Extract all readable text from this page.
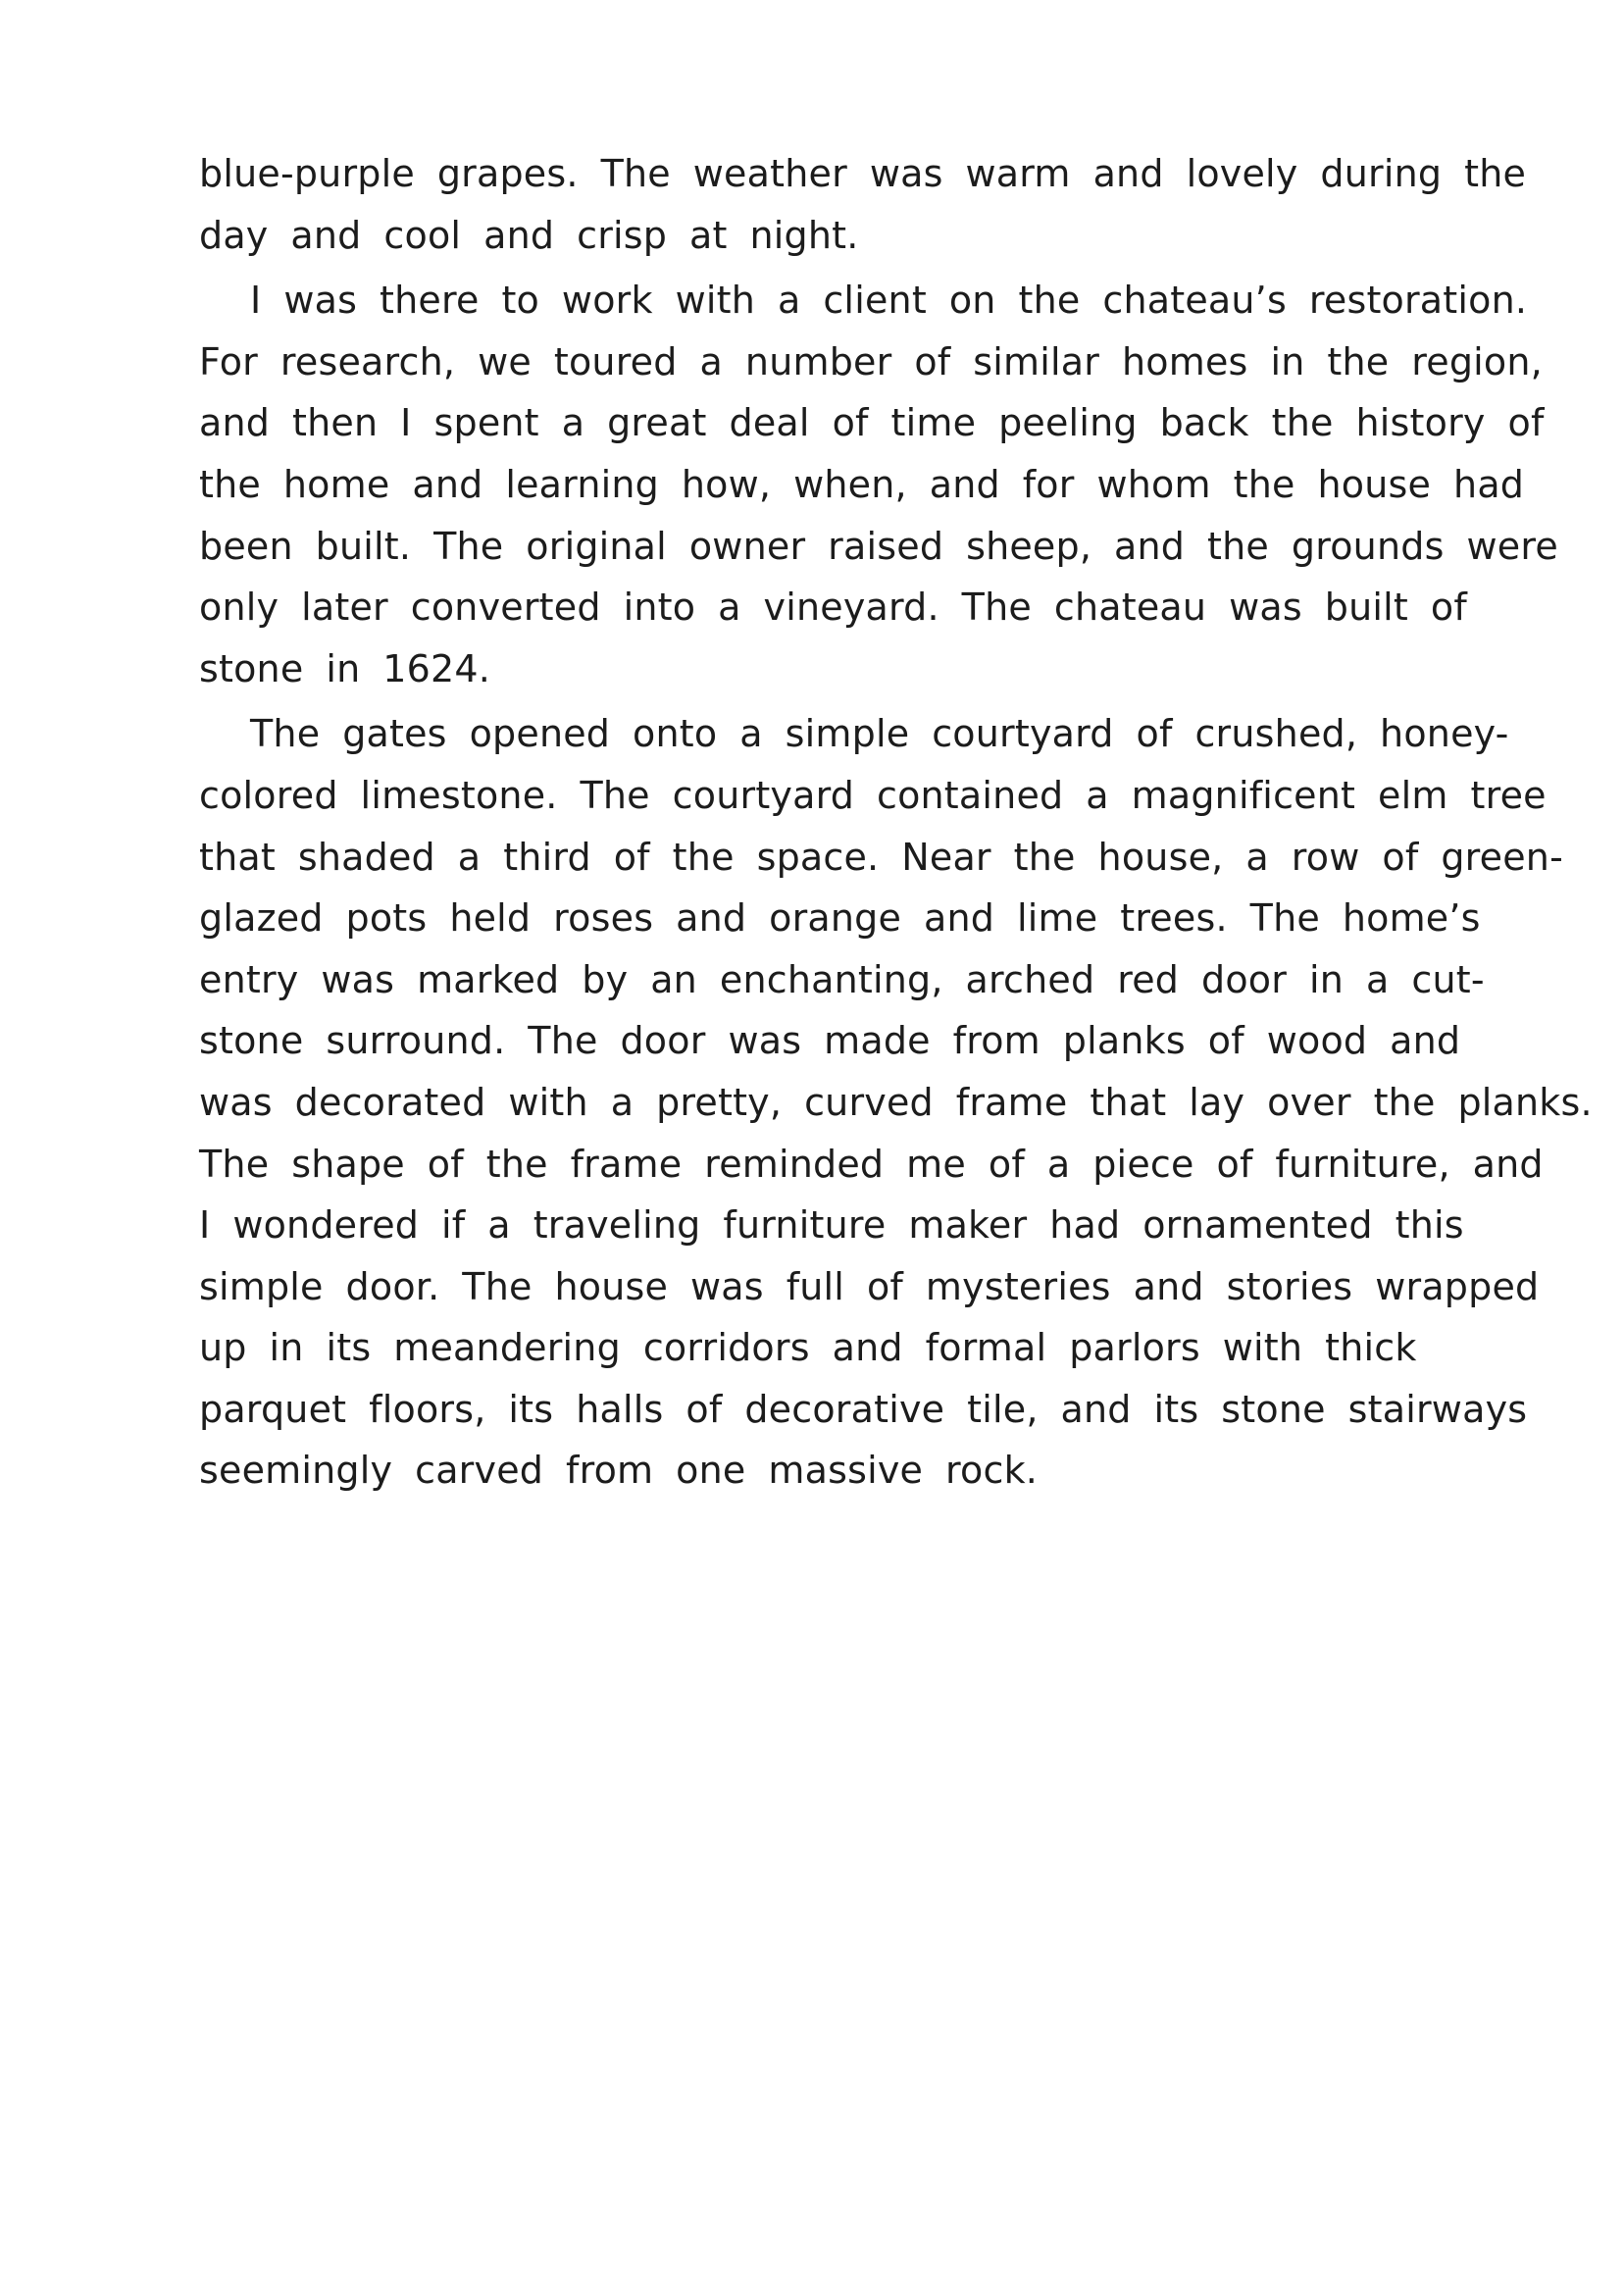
blue-purple grapes. The weather was warm and lovely during the
day and cool and crisp at night.

I was there to work with a client on the chateau’s restoration.
For research, we toured a number of similar homes in the region,
and then I spent a great deal of time peeling back the history of
the home and learning how, when, and for whom the house had
been built. The original owner raised sheep, and the grounds were
only later converted into a vineyard. The chateau was built of
stone in 1624.

The gates opened onto a simple courtyard of crushed, honey-
colored limestone. The courtyard contained a magnificent elm tree
that shaded a third of the space. Near the house, a row of green-
glazed pots held roses and orange and lime trees. The home’s
entry was marked by an enchanting, arched red door in a cut-
stone surround. The door was made from planks of wood and
was decorated with a pretty, curved frame that lay over the planks.
The shape of the frame reminded me of a piece of furniture, and
I wondered if a traveling furniture maker had ornamented this
simple door. The house was full of mysteries and stories wrapped
up in its meandering corridors and formal parlors with thick
parquet floors, its halls of decorative tile, and its stone stairways
seemingly carved from one massive rock.
